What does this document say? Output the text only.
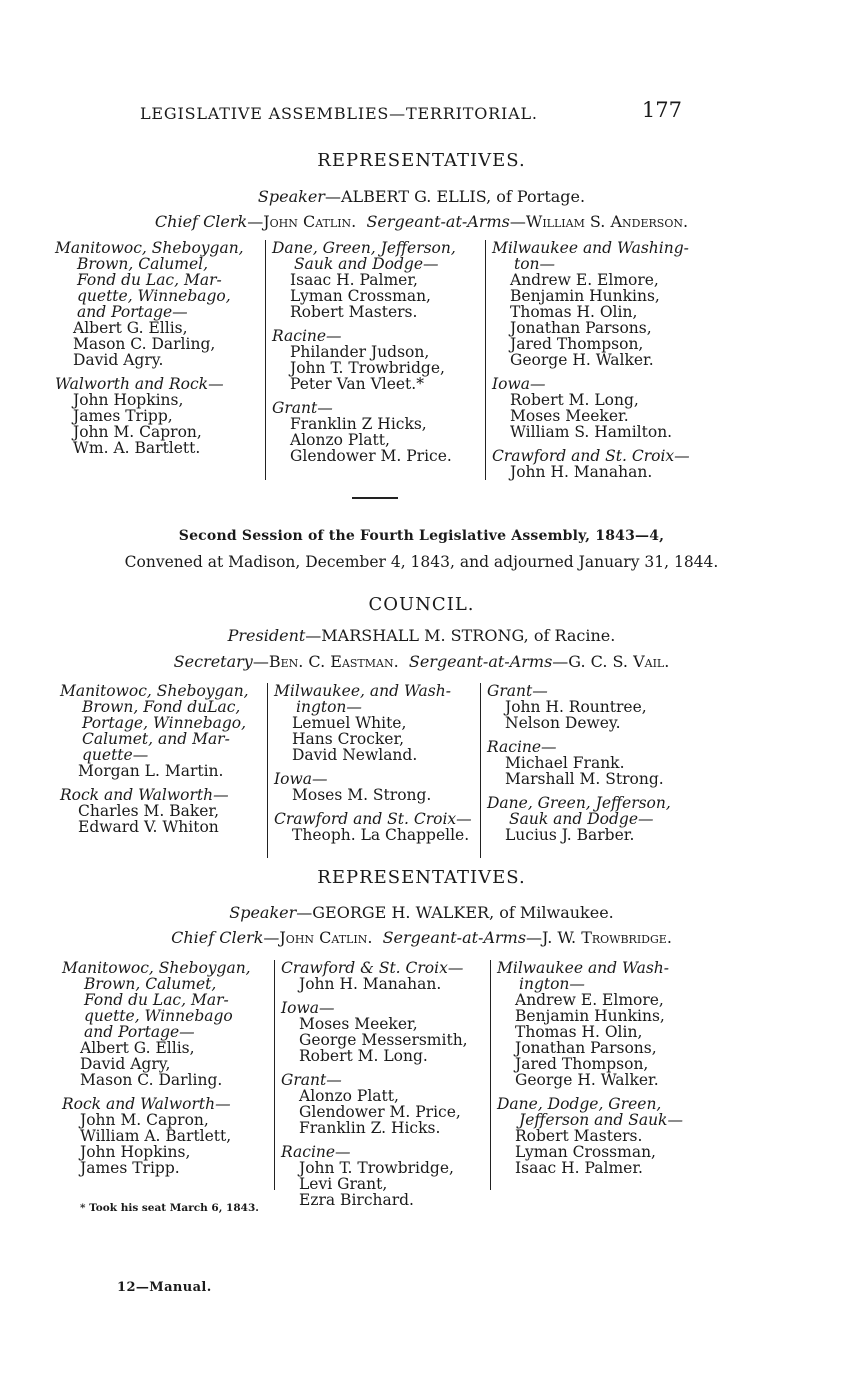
LEGISLATIVE ASSEMBLIES—TERRITORIAL.	177
REPRESENTATIVES.
Speaker—ALBERT G. ELLIS, of Portage.
Chief Clerk—John Catlin. Sergeant-at-Arms—William S. Anderson.
Manitowoc, Sheboygan,
Brown, Calumel,
Fond du Lac, Mar-
quette, Winnebago,
and Portage—
Albert G. Ellis,
Mason C. Darling,
David Agry.
Walworth and Rock—
John Hopkins,
James Tripp,
John M. Capron,
Wm. A. Bartlett.
Dane, Green, Jefferson,
Sauk and Dodge—
Isaac H. Palmer,
Lyman Crossman,
Robert Masters.
Racine—
Philander Judson,
John T. Trowbridge,
Peter Van Vleet.*
Grant—
Franklin Z Hicks,
Alonzo Platt,
Glendower M. Price.
Milwaukee and Washing-
ton—
Andrew E. Elmore,
Benjamin Hunkins,
Thomas H. Olin,
Jonathan Parsons,
Jared Thompson,
George H. Walker.
Iowa—
Robert M. Long,
Moses Meeker.
William S. Hamilton.
Crawford and St. Croix—
John H. Manahan.
Second Session of the Fourth Legislative Assembly, 1843—4,
Convened at Madison, December 4, 1843, and adjourned January 31, 1844.
COUNCIL.
President—MARSHALL M. STRONG, of Racine.
Secretary—Ben. C. Eastman. Sergeant-at-Arms—G. C. S. Vail.
Manitowoc, Sheboygan,
Brown, Fond duLac,
Portage, Winnebago,
Calumet, and Mar-
quette—
Morgan L. Martin.
Rock and Walworth—
Charles M. Baker,
Edward V. Whiton
Milwaukee, and Wash-
ington—
Lemuel White,
Hans Crocker,
David Newland.
Iowa—
Moses M. Strong.
Crawford and St. Croix—
Theoph. La Chappelle.
Grant—
John H. Rountree,
Nelson Dewey.
Racine—
Michael Frank.
Marshall M. Strong.
Dane, Green, Jefferson,
Sauk and Dodge—
Lucius J. Barber.
REPRESENTATIVES.
Speaker—GEORGE H. WALKER, of Milwaukee.
Chief Clerk—John Catlin. Sergeant-at-Arms—J. W. Trowbridge.
Manitowoc, Sheboygan,
Brown, Calumet,
Fond du Lac, Mar-
quette, Winnebago
and Portage—
Albert G. Ellis,
David Agry,
Mason C. Darling.
Rock and Walworth—
John M. Capron,
William A. Bartlett,
John Hopkins,
James Tripp.
Crawford & St. Croix—
John H. Manahan.
Iowa—
Moses Meeker,
George Messersmith,
Robert M. Long.
Grant—
Alonzo Platt,
Glendower M. Price,
Franklin Z. Hicks.
Racine—
John T. Trowbridge,
Levi Grant,
Ezra Birchard.
Milwaukee and Wash-
ington—
Andrew E. Elmore,
Benjamin Hunkins,
Thomas H. Olin,
Jonathan Parsons,
Jared Thompson,
George H. Walker.
Dane, Dodge, Green,
Jefferson and Sauk—
Robert Masters.
Lyman Crossman,
Isaac H. Palmer.
* Took his seat March 6, 1843.
12—Manual.
